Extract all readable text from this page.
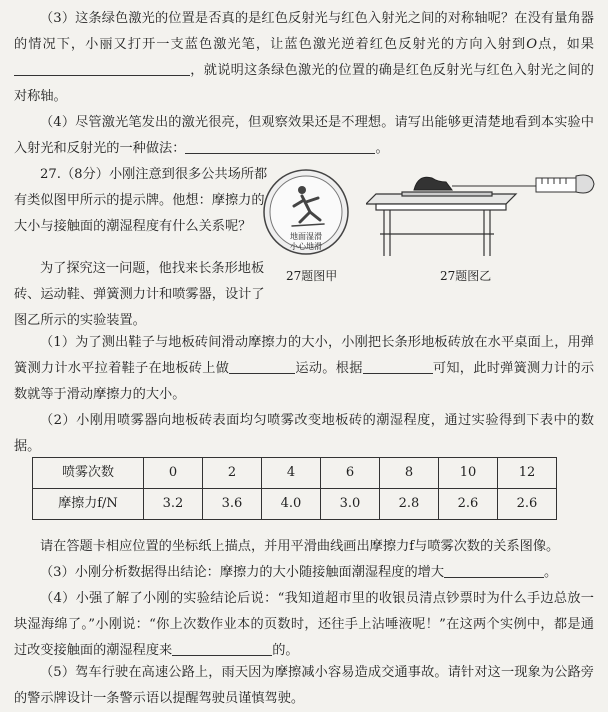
（3）这条绿色激光的位置是否真的是红色反射光与红色入射光之间的对称轴呢？在没有量角器的情况下，小丽又打开一支蓝色激光笔，让蓝色激光逆着红色反射光的方向入射到O点，如果，就说明这条绿色激光的位置的确是红色反射光与红色入射光之间的对称轴。

（4）尽管激光笔发出的激光很亮，但观察效果还是不理想。请写出能够更清楚地看到本实验中入射光和反射光的一种做法：	。

27.（8分）小刚注意到很多公共场所都有类似图甲所示的提示牌。他想：摩擦力的大小与接触面的潮湿程度有什么关系呢？

为了探究这一问题，他找来长条形地板砖、运动鞋、弹簧测力计和喷雾器，设计了图乙所示的实验装置。

地面湿滑
小心地滑
27题图甲	27题图乙

（1）为了测出鞋子与地板砖间滑动摩擦力的大小，小刚把长条形地板砖放在水平桌面上，用弹簧测力计水平拉着鞋子在地板砖上做	运动。根据	可知，此时弹簧测力计的示数就等于滑动摩擦力的大小。

（2）小刚用喷雾器向地板砖表面均匀喷雾改变地板砖的潮湿程度，通过实验得到下表中的数据。

喷雾次数	0	2	4	6	8	10	12
摩擦力f/N	3.2	3.6	4.0	3.0	2.8	2.6	2.6

请在答题卡相应位置的坐标纸上描点，并用平滑曲线画出摩擦力f与喷雾次数的关系图像。

（3）小刚分析数据得出结论：摩擦力的大小随接触面潮湿程度的增大	。

（4）小强了解了小刚的实验结论后说：“我知道超市里的收银员清点钞票时为什么手边总放一块湿海绵了。”小刚说：“你上次数作业本的页数时，还往手上沾唾液呢！”在这两个实例中，都是通过改变接触面的潮湿程度来	的。

（5）驾车行驶在高速公路上，雨天因为摩擦减小容易造成交通事故。请针对这一现象为公路旁的警示牌设计一条警示语以提醒驾驶员谨慎驾驶。
